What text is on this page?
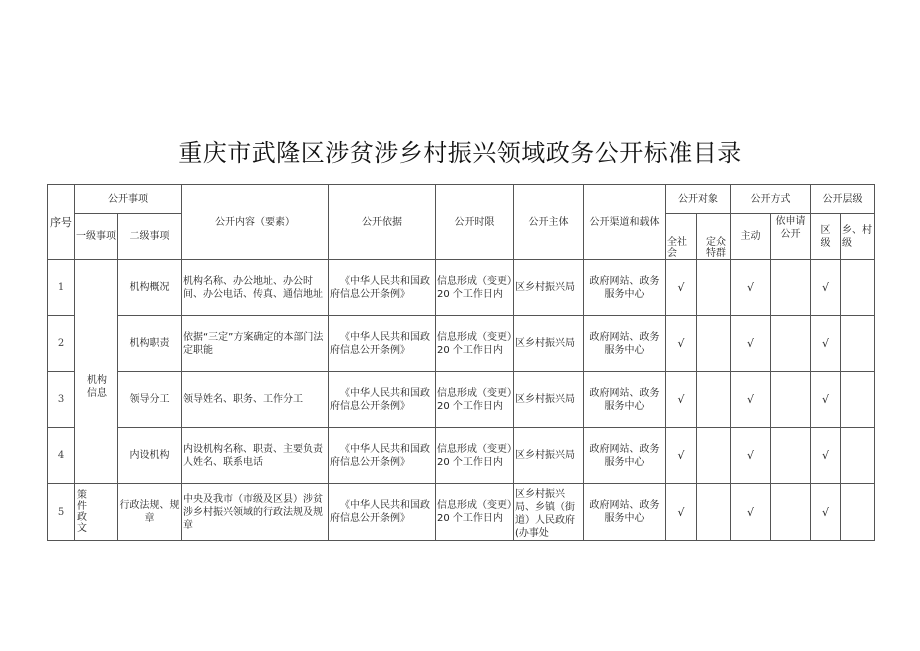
重庆市武隆区涉贫涉乡村振兴领域政务公开标准目录
序号	公开事项		公开内容（要素）	公开依据	公开时限	公开主体	公开渠道和载体	公开对象		公开方式		公开层级	
	一级事项	二级事项						全社会	定众特群	主动	依申请公开	区级	乡、村级
1	机构信息	机构概况	机构名称、办公地址、办公时间、办公电话、传真、通信地址	《中华人民共和国政府信息公开条例》	信息形成（变更）20 个工作日内	区乡村振兴局	政府网站、政务服务中心	√		√		√	
2		机构职责	依据“三定”方案确定的本部门法定职能	《中华人民共和国政府信息公开条例》	信息形成（变更）20 个工作日内	区乡村振兴局	政府网站、政务服务中心	√		√		√	
3		领导分工	领导姓名、职务、工作分工	《中华人民共和国政府信息公开条例》	信息形成（变更）20 个工作日内	区乡村振兴局	政府网站、政务服务中心	√		√		√	
4		内设机构	内设机构名称、职责、主要负责人姓名、联系电话	《中华人民共和国政府信息公开条例》	信息形成（变更）20 个工作日内	区乡村振兴局	政府网站、政务服务中心	√		√		√	
5	策件政文	行政法规、规章	中央及我市（市级及区县）涉贫涉乡村振兴领域的行政法规及规章	《中华人民共和国政府信息公开条例》	信息形成（变更）20 个工作日内	区乡村振兴局、乡镇（街道）人民政府(办事处	政府网站、政务服务中心	√		√		√	
